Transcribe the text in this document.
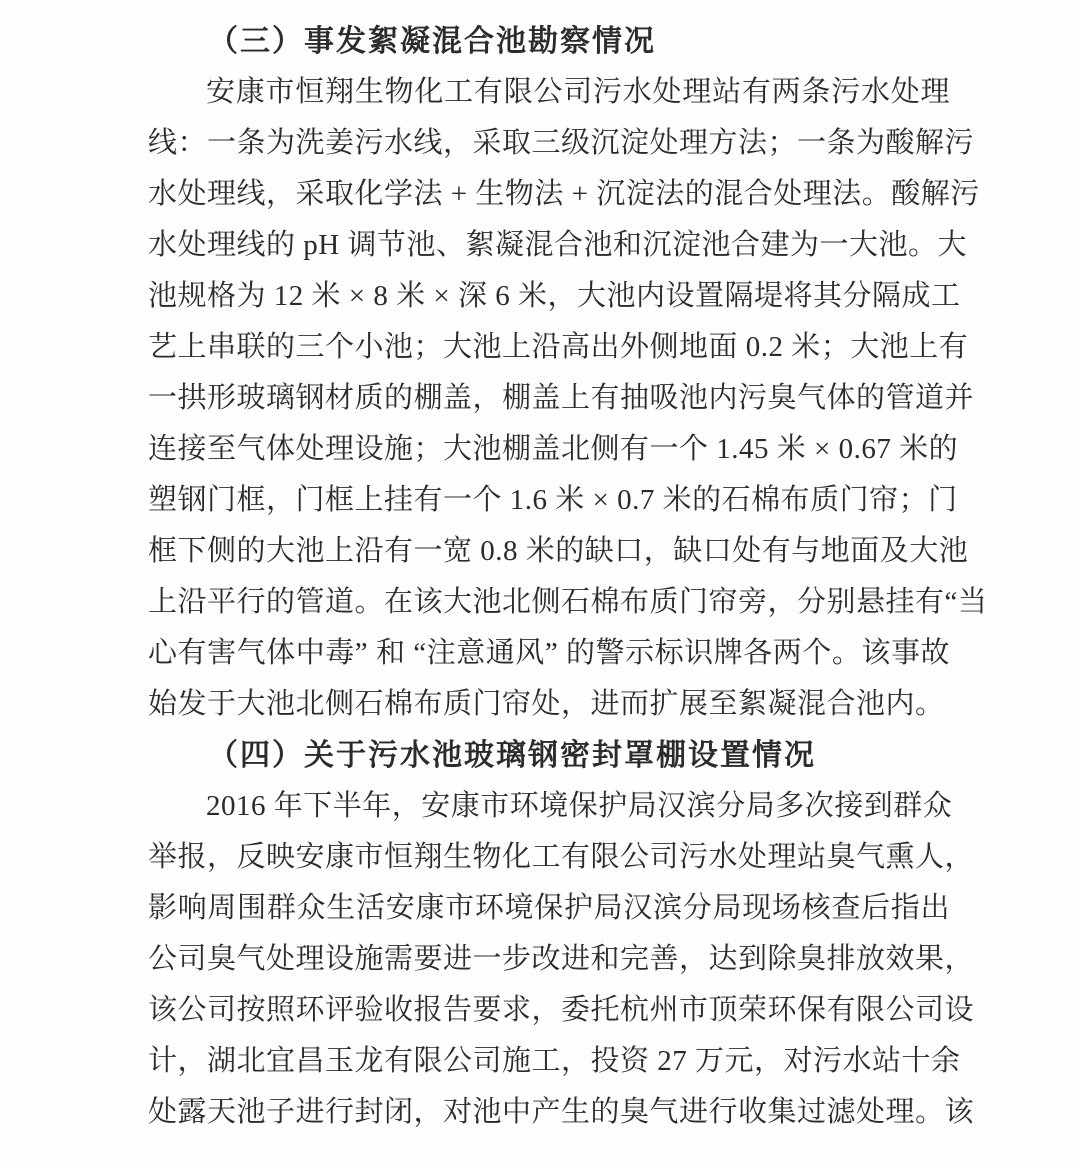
（三）事发絮凝混合池勘察情况
安康市恒翔生物化工有限公司污水处理站有两条污水处理
线：一条为洗姜污水线，采取三级沉淀处理方法；一条为酸解污
水处理线，采取化学法 + 生物法 + 沉淀法的混合处理法。酸解污
水处理线的 pH 调节池、絮凝混合池和沉淀池合建为一大池。大
池规格为 12 米 × 8 米 × 深 6 米，大池内设置隔堤将其分隔成工
艺上串联的三个小池；大池上沿高出外侧地面 0.2 米；大池上有
一拱形玻璃钢材质的棚盖，棚盖上有抽吸池内污臭气体的管道并
连接至气体处理设施；大池棚盖北侧有一个 1.45 米 × 0.67 米的
塑钢门框，门框上挂有一个 1.6 米 × 0.7 米的石棉布质门帘；门
框下侧的大池上沿有一宽 0.8 米的缺口，缺口处有与地面及大池
上沿平行的管道。在该大池北侧石棉布质门帘旁，分别悬挂有“当
心有害气体中毒” 和 “注意通风” 的警示标识牌各两个。该事故
始发于大池北侧石棉布质门帘处，进而扩展至絮凝混合池内。
（四）关于污水池玻璃钢密封罩棚设置情况
2016 年下半年，安康市环境保护局汉滨分局多次接到群众
举报，反映安康市恒翔生物化工有限公司污水处理站臭气熏人，
影响周围群众生活安康市环境保护局汉滨分局现场核查后指出
公司臭气处理设施需要进一步改进和完善，达到除臭排放效果，
该公司按照环评验收报告要求，委托杭州市顶荣环保有限公司设
计，湖北宜昌玉龙有限公司施工，投资 27 万元，对污水站十余
处露天池子进行封闭，对池中产生的臭气进行收集过滤处理。该
